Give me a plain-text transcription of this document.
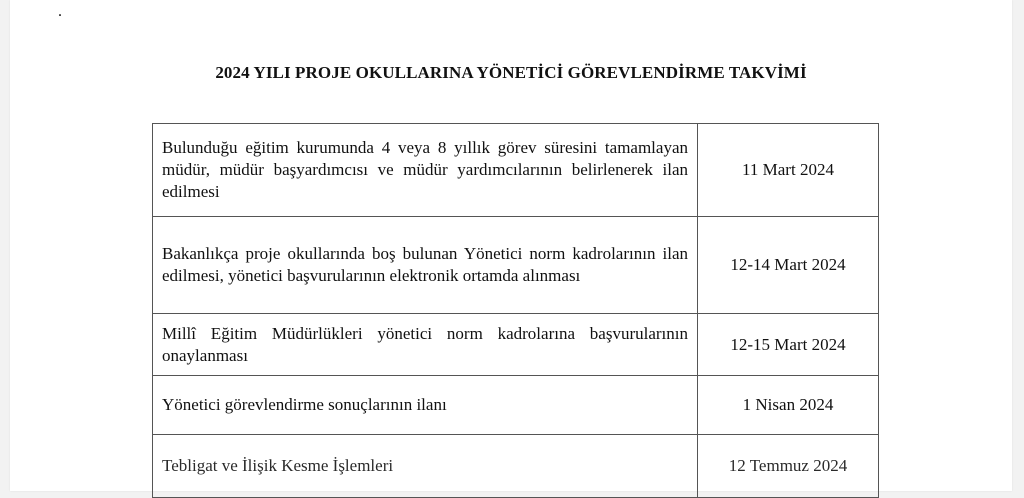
.
2024 YILI PROJE OKULLARINA YÖNETİCİ GÖREVLENDİRME TAKVİMİ
Bulunduğu eğitim kurumunda 4 veya 8 yıllık görev süresini tamamlayan müdür, müdür başyardımcısı ve müdür yardımcılarının belirlenerek ilan edilmesi	11 Mart 2024
Bakanlıkça proje okullarında boş bulunan Yönetici norm kadrolarının ilan edilmesi, yönetici başvurularının elektronik ortamda alınması	12-14 Mart 2024
Millî Eğitim Müdürlükleri yönetici norm kadrolarına başvurularının onaylanması	12-15 Mart 2024
Yönetici görevlendirme sonuçlarının ilanı	1 Nisan 2024
Tebligat ve İlişik Kesme İşlemleri	12 Temmuz 2024
